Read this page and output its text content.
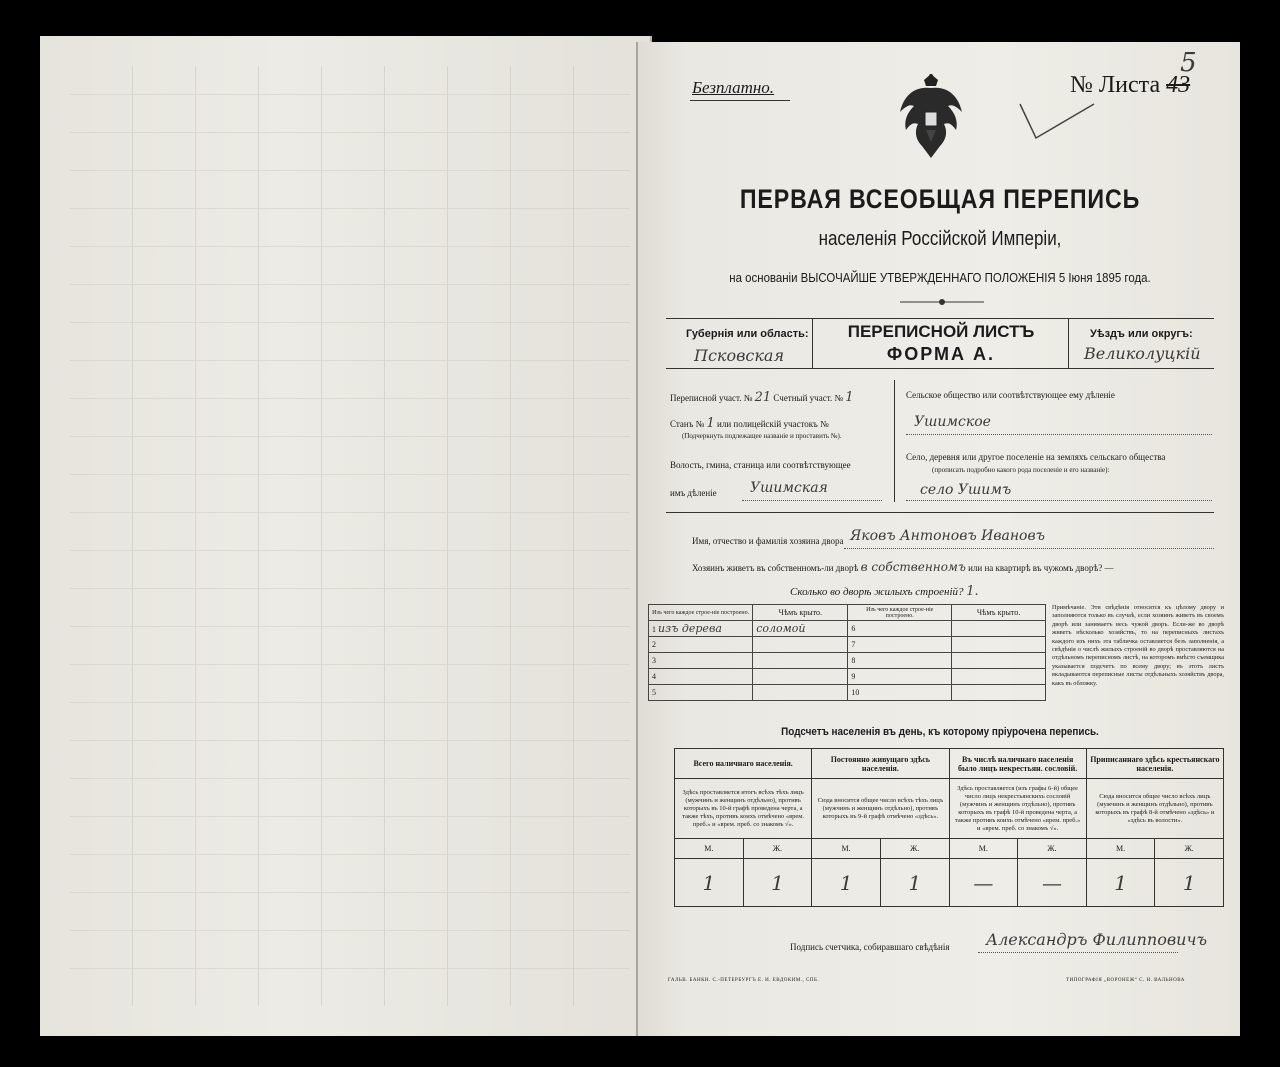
Безплатно.	№ Листа 43
5
ПЕРВАЯ ВСЕОБЩАЯ ПЕРЕПИСЬ
населенія Россійской Имперіи,
на основаніи ВЫСОЧАЙШЕ УТВЕРЖДЕННАГО ПОЛОЖЕНІЯ 5 Іюня 1895 года.
Губернія или область:
Псковская
ПЕРЕПИСНОЙ ЛИСТЪ
ФОРМА А.
Уѣздъ или округъ:
Великолуцкій
Переписной участ. № 21 Счетный участ. № 1
Станъ № 1 или полицейскій участокъ №
(Подчеркнуть подлежащее названіе и проставить №).
Волость, гмина, станица или соотвѣтствующее
имъ дѣленіе Ушимская
Сельское общество или соотвѣтствующее ему дѣленіе
Ушимское
Село, деревня или другое поселеніе на земляхъ сельскаго общества
(прописать подробно какого рода поселеніе и его названіе):
село Ушимъ
Имя, отчество и фамилія хозяина двора Яковъ Антоновъ Ивановъ
Хозяинъ живетъ въ собственномъ-ли дворѣ в собственномъ или на квартирѣ въ чужомъ дворѣ? —
Сколько во дворѣ жилыхъ строеній? 1.
Изъ чего каждое строе-ніе построено.	Чѣмъ крыто.	Изъ чего каждое строе-ніе построено.	Чѣмъ крыто.
1 изъ дерева	соломой	6	
2		7	
3		8	
4		9	
5		10	
Примѣчаніе. Эти свѣдѣнія относятся къ цѣлому двору и заполняются только въ случаѣ, если хозяинъ живетъ въ своемъ дворѣ или занимаетъ весь чужой дворъ. Если-же во дворѣ живетъ нѣсколько хозяйствъ, то на переписныхъ листахъ каждого изъ нихъ эта табличка оставляется безъ заполненія, а свѣдѣнія о числѣ жилыхъ строеній во дворѣ проставляются на отдѣльномъ переписномъ листѣ, на которомъ вмѣсто съемщика указывается подсчетъ по всему двору; въ этотъ листъ вкладываются переписные листы отдѣльныхъ хозяйствъ двора, какъ въ обложку.
Подсчетъ населенія въ день, къ которому пріурочена перепись.
Всего наличнаго населенія.		Постоянно живущаго здѣсь населенія.		Въ числѣ наличнаго населенія было лицъ некрестьян. сословій.		Приписаннаго здѣсь крестьянскаго населенія.	
Здѣсь проставляется итогъ всѣхъ тѣхъ лицъ (мужчинъ и женщинъ отдѣльно), противъ которыхъ въ 10-й графѣ проведена черта, а также тѣхъ, противъ коихъ отмѣчено «врем. преб.» и «врем. преб. со знакомъ √».		Сюда вносится общее число всѣхъ тѣхъ лицъ (мужчинъ и женщинъ отдѣльно), противъ которыхъ въ 9-й графѣ отмѣчено «здѣсь».		Здѣсь проставляется (изъ графы 6-й) общее число лицъ некрестьянскихъ сословій (мужчинъ и женщинъ отдѣльно), противъ которыхъ въ графѣ 10-й проведена черта, а также противъ коихъ отмѣчено «врем. преб.» и «врем. преб. со знакомъ √».		Сюда вносится общее число всѣхъ лицъ (мужчинъ и женщинъ отдѣльно), противъ которыхъ въ графѣ 8-й отмѣчено «здѣсь» и «здѣсь въ волости».	
М.	Ж.	М.	Ж.	М.	Ж.	М.	Ж.
1	1	1	1	—	—	1	1
Подпись счетчика, собиравшаго свѣдѣнія Александръ Филипповичъ
ГАЛЬВ. БАНКН. С.-ПЕТЕРБУРГЪ Е. И. ЕВДОКИМ., СПБ.	ТИПОГРАФІЯ „ВОРОНЕЖ“ С. Н. ВАЛЬНОВА
